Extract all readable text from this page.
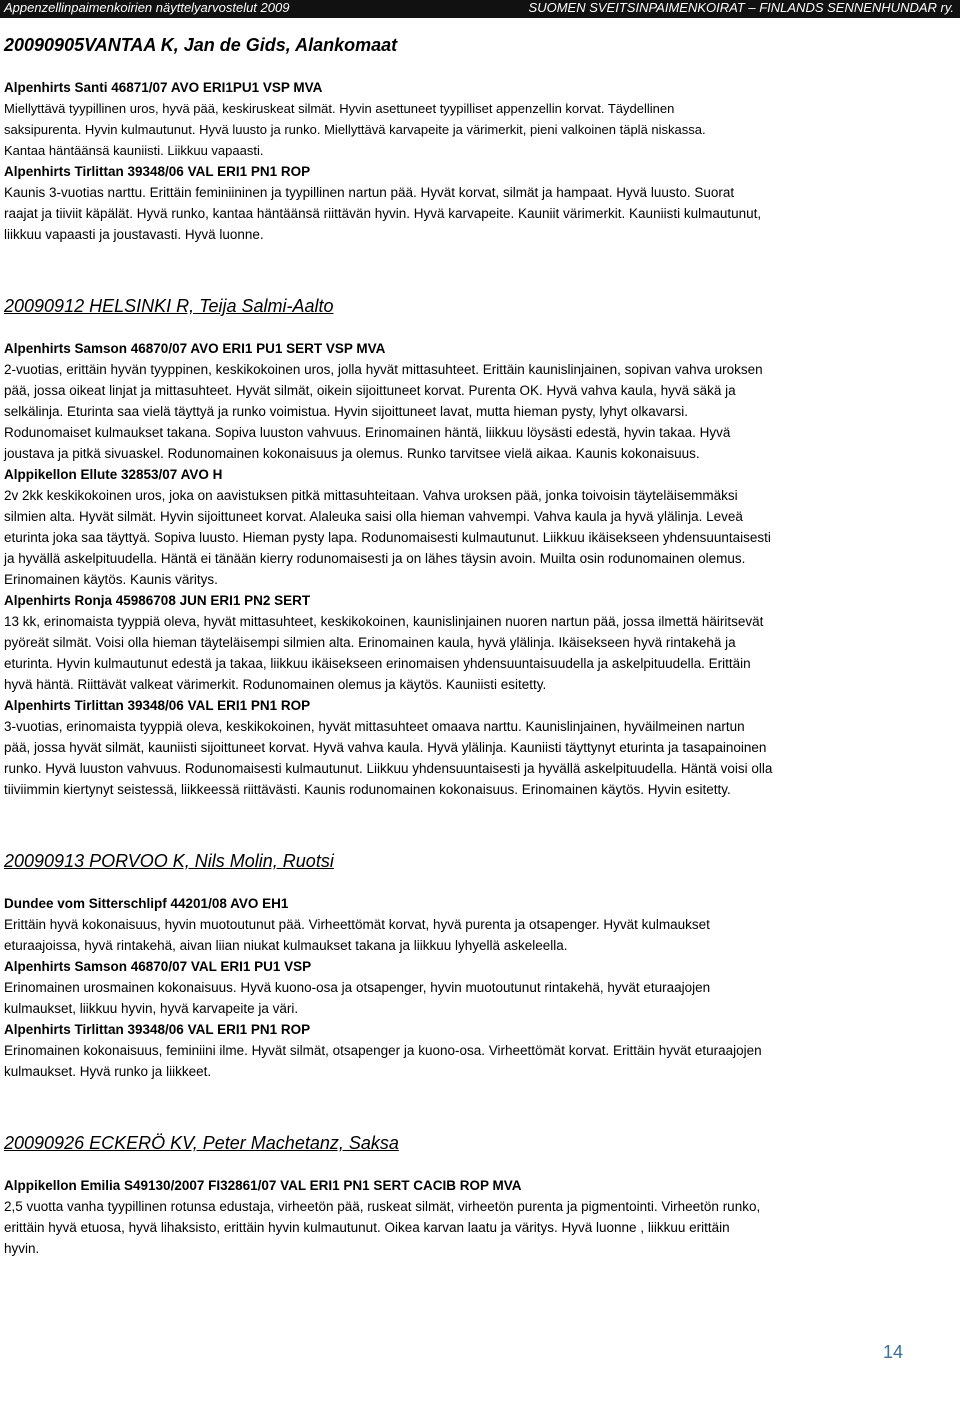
Appenzellinpaimenkoirien näyttelyarvostelut 2009	SUOMEN SVEITSINPAIMENKOIRAT – FINLANDS SENNENHUNDAR ry.

20090905VANTAA K, Jan de Gids, Alankomaat

Alpenhirts Santi 46871/07 AVO ERI1PU1 VSP MVA

Miellyttävä tyypillinen uros, hyvä pää, keskiruskeat silmät. Hyvin asettuneet tyypilliset appenzellin korvat. Täydellinen

saksipurenta. Hyvin kulmautunut. Hyvä luusto ja runko. Miellyttävä karvapeite ja värimerkit, pieni valkoinen täplä niskassa.

Kantaa häntäänsä kauniisti. Liikkuu vapaasti.

Alpenhirts Tirlittan 39348/06 VAL ERI1 PN1 ROP

Kaunis 3-vuotias narttu. Erittäin feminiininen ja tyypillinen nartun pää. Hyvät korvat, silmät ja hampaat. Hyvä luusto. Suorat

raajat ja tiiviit käpälät. Hyvä runko, kantaa häntäänsä riittävän hyvin. Hyvä karvapeite. Kauniit värimerkit. Kauniisti kulmautunut,

liikkuu vapaasti ja joustavasti. Hyvä luonne.

20090912 HELSINKI R, Teija Salmi-Aalto

Alpenhirts Samson 46870/07 AVO ERI1 PU1 SERT VSP MVA

2-vuotias, erittäin hyvän tyyppinen, keskikokoinen uros, jolla hyvät mittasuhteet. Erittäin kaunislinjainen, sopivan vahva uroksen

pää, jossa oikeat linjat ja mittasuhteet. Hyvät silmät, oikein sijoittuneet korvat. Purenta OK. Hyvä vahva kaula, hyvä säkä ja

selkälinja. Eturinta saa vielä täyttyä ja runko voimistua. Hyvin sijoittuneet lavat, mutta hieman pysty, lyhyt olkavarsi.

Rodunomaiset kulmaukset takana. Sopiva luuston vahvuus. Erinomainen häntä, liikkuu löysästi edestä, hyvin takaa. Hyvä

joustava ja pitkä sivuaskel. Rodunomainen kokonaisuus ja olemus. Runko tarvitsee vielä aikaa. Kaunis kokonaisuus.

Alppikellon Ellute 32853/07 AVO H

2v 2kk keskikokoinen uros, joka on aavistuksen pitkä mittasuhteitaan. Vahva uroksen pää, jonka toivoisin täyteläisemmäksi

silmien alta. Hyvät silmät. Hyvin sijoittuneet korvat. Alaleuka saisi olla hieman vahvempi. Vahva kaula ja hyvä ylälinja. Leveä

eturinta joka saa täyttyä. Sopiva luusto. Hieman pysty lapa. Rodunomaisesti kulmautunut. Liikkuu ikäisekseen yhdensuuntaisesti

ja hyvällä askelpituudella. Häntä ei tänään kierry rodunomaisesti ja on lähes täysin avoin. Muilta osin rodunomainen olemus.

Erinomainen käytös. Kaunis väritys.

Alpenhirts Ronja 45986708 JUN ERI1 PN2 SERT

13 kk, erinomaista tyyppiä oleva, hyvät mittasuhteet, keskikokoinen, kaunislinjainen nuoren nartun pää, jossa ilmettä häiritsevät

pyöreät silmät. Voisi olla hieman täyteläisempi silmien alta. Erinomainen kaula, hyvä ylälinja. Ikäisekseen hyvä rintakehä ja

eturinta. Hyvin kulmautunut edestä ja takaa, liikkuu ikäisekseen erinomaisen yhdensuuntaisuudella ja askelpituudella. Erittäin

hyvä häntä. Riittävät valkeat värimerkit. Rodunomainen olemus ja käytös. Kauniisti esitetty.

Alpenhirts Tirlittan 39348/06 VAL ERI1 PN1 ROP

3-vuotias, erinomaista tyyppiä oleva, keskikokoinen, hyvät mittasuhteet omaava narttu. Kaunislinjainen, hyväilmeinen nartun

pää, jossa hyvät silmät, kauniisti sijoittuneet korvat. Hyvä vahva kaula. Hyvä ylälinja. Kauniisti täyttynyt eturinta ja tasapainoinen

runko. Hyvä luuston vahvuus. Rodunomaisesti kulmautunut. Liikkuu yhdensuuntaisesti ja hyvällä askelpituudella. Häntä voisi olla

tiiviimmin kiertynyt seistessä, liikkeessä riittävästi. Kaunis rodunomainen kokonaisuus. Erinomainen käytös. Hyvin esitetty.

20090913 PORVOO K, Nils Molin, Ruotsi

Dundee vom Sitterschlipf 44201/08 AVO EH1

Erittäin hyvä kokonaisuus, hyvin muotoutunut pää. Virheettömät korvat, hyvä purenta ja otsapenger. Hyvät kulmaukset

eturaajoissa, hyvä rintakehä, aivan liian niukat kulmaukset takana ja liikkuu lyhyellä askeleella.

Alpenhirts Samson 46870/07 VAL ERI1 PU1 VSP

Erinomainen urosmainen kokonaisuus. Hyvä kuono-osa ja otsapenger, hyvin muotoutunut rintakehä, hyvät eturaajojen

kulmaukset, liikkuu hyvin, hyvä karvapeite ja väri.

Alpenhirts Tirlittan 39348/06 VAL ERI1 PN1 ROP

Erinomainen kokonaisuus, feminiini ilme. Hyvät silmät, otsapenger ja kuono-osa. Virheettömät korvat. Erittäin hyvät eturaajojen

kulmaukset. Hyvä runko ja liikkeet.

20090926 ECKERÖ KV, Peter Machetanz, Saksa

Alppikellon Emilia S49130/2007 FI32861/07 VAL ERI1 PN1 SERT CACIB ROP MVA

2,5 vuotta vanha tyypillinen rotunsa edustaja, virheetön pää, ruskeat silmät, virheetön purenta ja pigmentointi. Virheetön runko,

erittäin hyvä etuosa, hyvä lihaksisto, erittäin hyvin kulmautunut. Oikea karvan laatu ja väritys. Hyvä luonne , liikkuu erittäin

hyvin.

14
